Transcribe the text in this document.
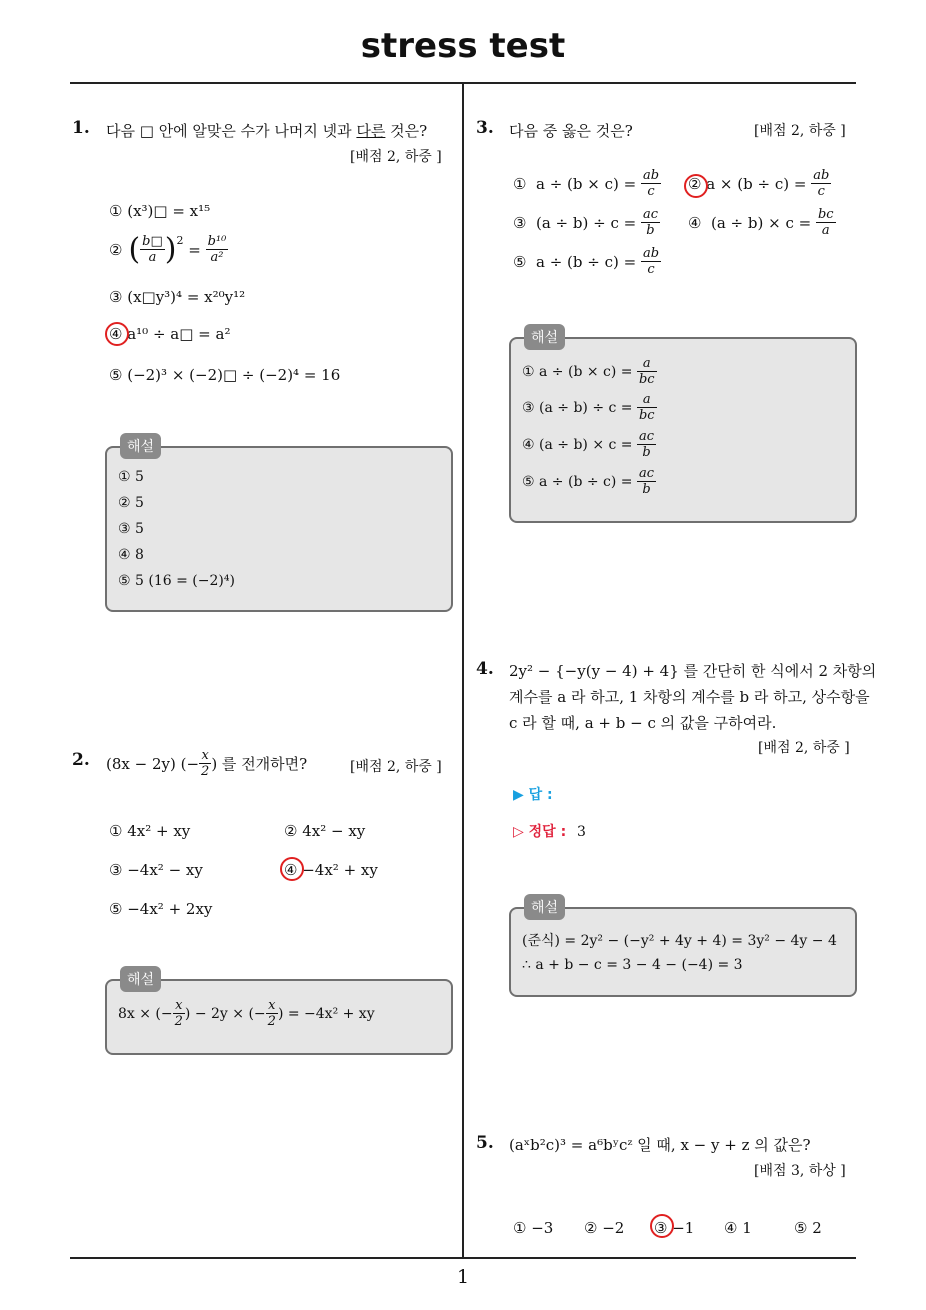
stress test
1
1. 다음 □ 안에 알맞은 수가 나머지 넷과 다른 것은?
[배점 2, 하중 ]
① (x³)□ = x¹⁵
② ( $\frac{b□}{a} )^2 = \frac{\text{b¹⁰}}{\text{a²}}$
③ (x□y³)⁴ = x²⁰y¹²
④ a¹⁰ ÷ a□ = a²
⑤ (−2)³ × (−2)□ ÷ (−2)⁴ = 16
해설
① 5
② 5
③ 5
④ 8
⑤ 5 (16 = (−2)⁴)
2. (8x − 2y) (− $\frac{x}{2}$ ) 를 전개하면?	[배점 2, 하중 ]
① 4x² + xy	② 4x² − xy
③ −4x² − xy	④ −4x² + xy
⑤ −4x² + 2xy
해설
8x × (− $\frac{x}{2}$ ) − 2y × (− $\frac{x}{2}$ ) = −4x² + xy
3. 다음 중 옳은 것은?	[배점 2, 하중 ]
①  $a \div (b \times c) = \frac{ab}{c}$ ② $a \times (b \div c) = \frac{ab}{c}$
③  $(a \div b) \div c = \frac{ac}{b}$ ④  $(a \div b) \times c = \frac{bc}{a}$
⑤  $a \div (b \div c) = \frac{ab}{c}$
해설
① $a \div (b \times c) = \frac{a}{bc}$
③ $(a \div b) \div c = \frac{a}{bc}$
④ $(a \div b) \times c = \frac{ac}{b}$
⑤ $a \div (b \div c) = \frac{ac}{b}$
4. 2y² − {−y(y − 4) + 4} 를 간단히 한 식에서 2 차항의
계수를 a 라 하고, 1 차항의 계수를 b 라 하고, 상수항을
c 라 할 때, a + b − c 의 값을 구하여라.
[배점 2, 하중 ]
▶ 답 :
▷ 정답 : 3
해설
(준식) = 2y² − (−y² + 4y + 4) = 3y² − 4y − 4
∴ a + b − c = 3 − 4 − (−4) = 3
5. (aˣb²c)³ = a⁶bʸcᶻ 일 때, x − y + z 의 값은?
[배점 3, 하상 ]
① −3 ② −2 ③ −1 ④ 1	⑤ 2
